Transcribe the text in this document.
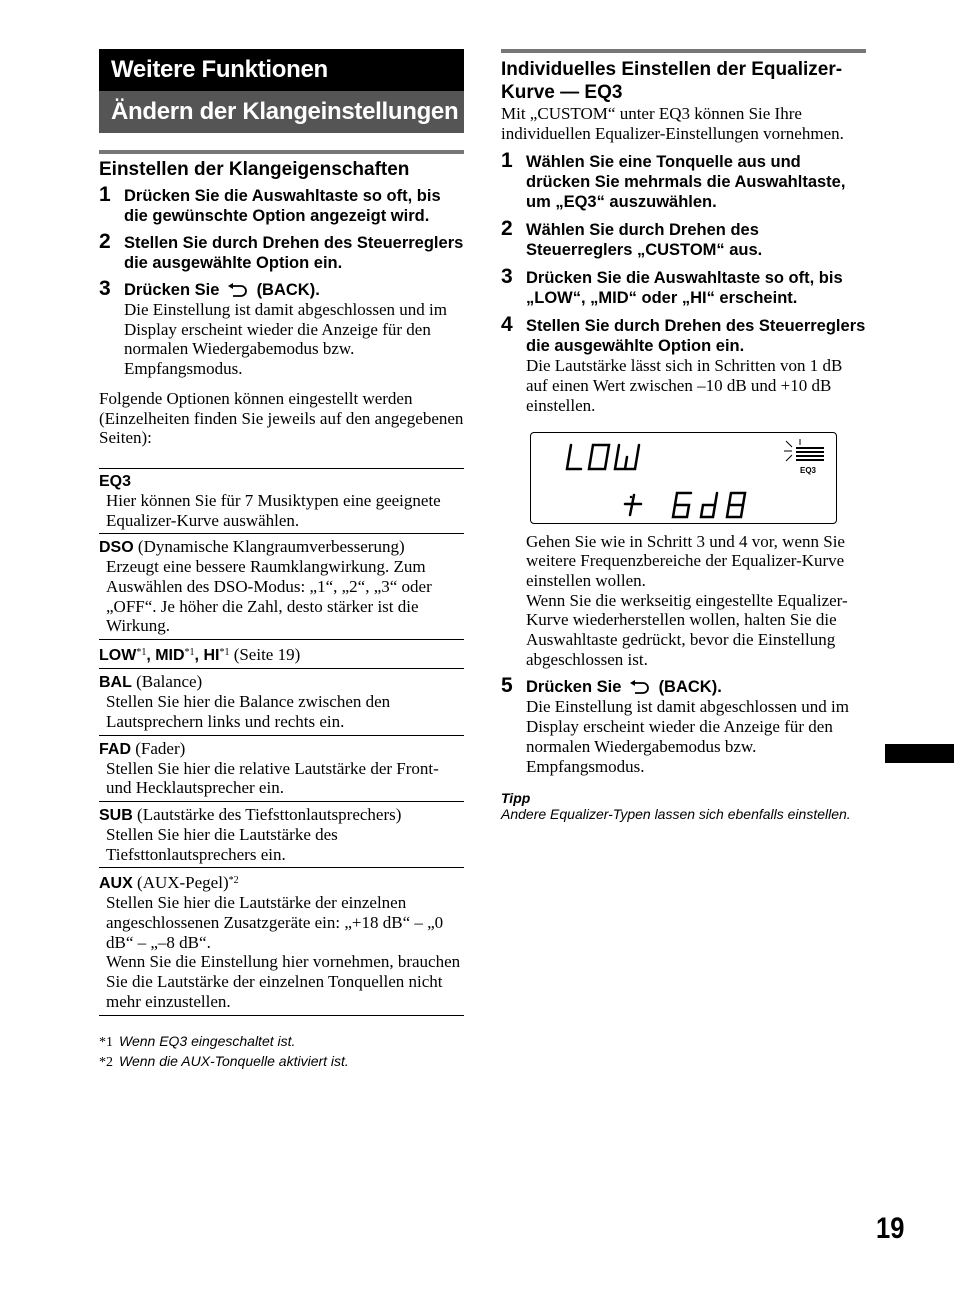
Weitere Funktionen
Ändern der Klangeinstellungen
Einstellen der Klangeigenschaften
1 Drücken Sie die Auswahltaste so oft, bis die gewünschte Option angezeigt wird.
2 Stellen Sie durch Drehen des Steuerreglers die ausgewählte Option ein.
3 Drücken Sie (BACK).
Die Einstellung ist damit abgeschlossen und im Display erscheint wieder die Anzeige für den normalen Wiedergabemodus bzw. Empfangsmodus.
Folgende Optionen können eingestellt werden (Einzelheiten finden Sie jeweils auf den angegebenen Seiten):
EQ3
Hier können Sie für 7 Musiktypen eine geeignete Equalizer-Kurve auswählen.
DSO (Dynamische Klangraumverbesserung)
Erzeugt eine bessere Raumklangwirkung. Zum Auswählen des DSO-Modus: „1“, „2“, „3“ oder „OFF“. Je höher die Zahl, desto stärker ist die Wirkung.
LOW$^{*1}$, MID$^{*1}$, HI$^{*1}$ (Seite 19)
BAL (Balance)
Stellen Sie hier die Balance zwischen den Lautsprechern links und rechts ein.
FAD (Fader)
Stellen Sie hier die relative Lautstärke der Front- und Hecklautsprecher ein.
SUB (Lautstärke des Tiefsttonlautsprechers)
Stellen Sie hier die Lautstärke des Tiefsttonlautsprechers ein.
AUX (AUX-Pegel)$^{*2}$
Stellen Sie hier die Lautstärke der einzelnen angeschlossenen Zusatzgeräte ein: „+18 dB“ – „0 dB“ – „–8 dB“.
Wenn Sie die Einstellung hier vornehmen, brauchen Sie die Lautstärke der einzelnen Tonquellen nicht mehr einzustellen.
*1 Wenn EQ3 eingeschaltet ist.
*2 Wenn die AUX-Tonquelle aktiviert ist.
Individuelles Einstellen der Equalizer-Kurve — EQ3
Mit „CUSTOM“ unter EQ3 können Sie Ihre individuellen Equalizer-Einstellungen vornehmen.
1 Wählen Sie eine Tonquelle aus und drücken Sie mehrmals die Auswahltaste, um „EQ3“ auszuwählen.
2 Wählen Sie durch Drehen des Steuerreglers „CUSTOM“ aus.
3 Drücken Sie die Auswahltaste so oft, bis „LOW“, „MID“ oder „HI“ erscheint.
4 Stellen Sie durch Drehen des Steuerreglers die ausgewählte Option ein.
Die Lautstärke lässt sich in Schritten von 1 dB auf einen Wert zwischen –10 dB und +10 dB einstellen.
EQ3
Gehen Sie wie in Schritt 3 und 4 vor, wenn Sie weitere Frequenzbereiche der Equalizer-Kurve einstellen wollen.
Wenn Sie die werkseitig eingestellte Equalizer-Kurve wiederherstellen wollen, halten Sie die Auswahltaste gedrückt, bevor die Einstellung abgeschlossen ist.
5 Drücken Sie (BACK).
Die Einstellung ist damit abgeschlossen und im Display erscheint wieder die Anzeige für den normalen Wiedergabemodus bzw. Empfangsmodus.
Tipp
Andere Equalizer-Typen lassen sich ebenfalls einstellen.
19
